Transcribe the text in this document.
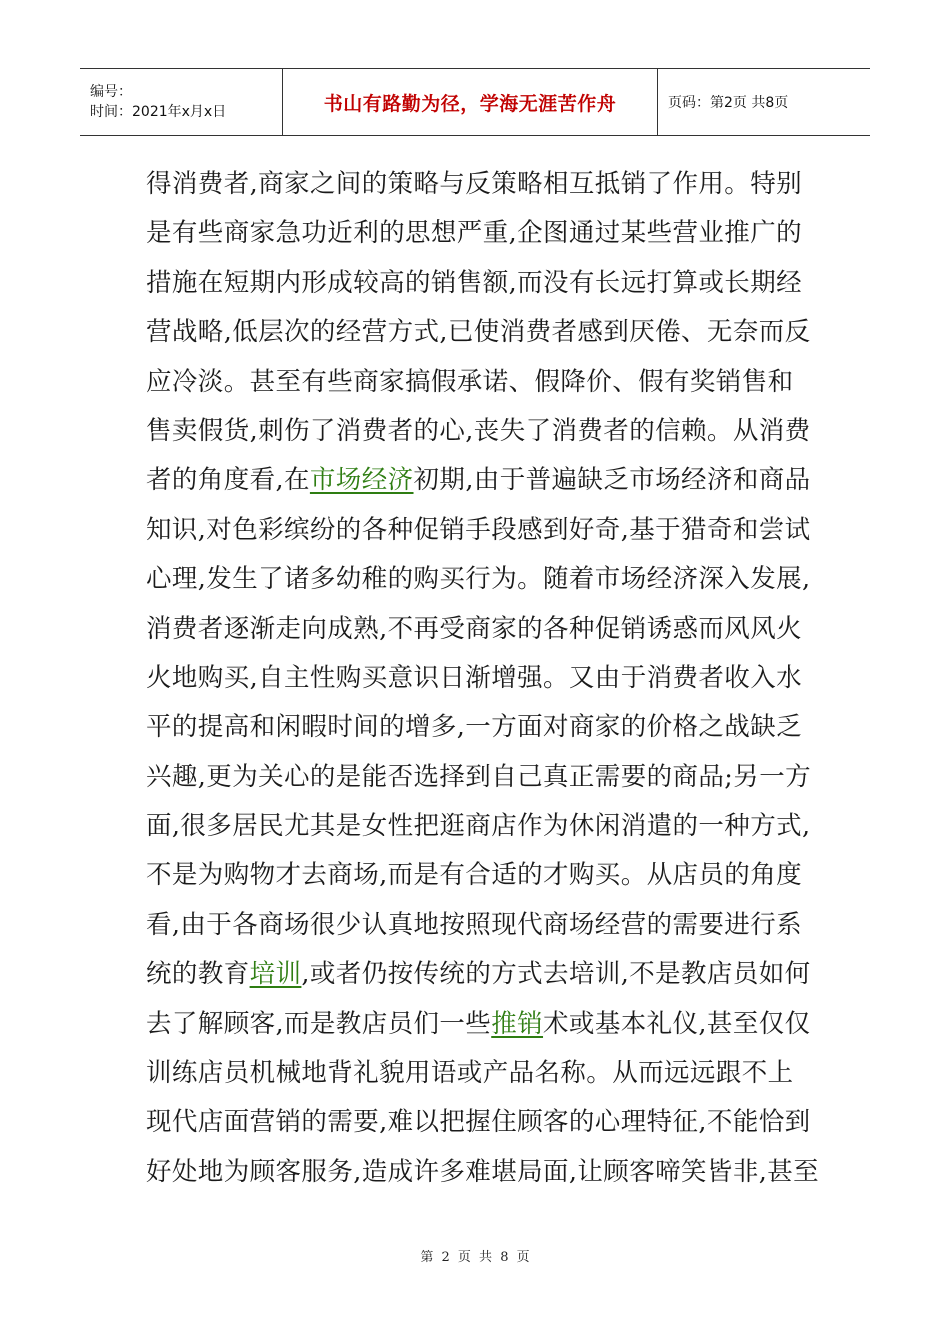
编号：
时间：2021年x月x日	书山有路勤为径，学海无涯苦作舟	页码：第2页 共8页
得消费者,商家之间的策略与反策略相互抵销了作用。特别
是有些商家急功近利的思想严重,企图通过某些营业推广的
措施在短期内形成较高的销售额,而没有长远打算或长期经
营战略,低层次的经营方式,已使消费者感到厌倦、无奈而反
应冷淡。甚至有些商家搞假承诺、假降价、假有奖销售和
售卖假货,刺伤了消费者的心,丧失了消费者的信赖。从消费
者的角度看,在市场经济初期,由于普遍缺乏市场经济和商品
知识,对色彩缤纷的各种促销手段感到好奇,基于猎奇和尝试
心理,发生了诸多幼稚的购买行为。随着市场经济深入发展,
消费者逐渐走向成熟,不再受商家的各种促销诱惑而风风火
火地购买,自主性购买意识日渐增强。又由于消费者收入水
平的提高和闲暇时间的增多,一方面对商家的价格之战缺乏
兴趣,更为关心的是能否选择到自己真正需要的商品;另一方
面,很多居民尤其是女性把逛商店作为休闲消遣的一种方式,
不是为购物才去商场,而是有合适的才购买。从店员的角度
看,由于各商场很少认真地按照现代商场经营的需要进行系
统的教育培训,或者仍按传统的方式去培训,不是教店员如何
去了解顾客,而是教店员们一些推销术或基本礼仪,甚至仅仅
训练店员机械地背礼貌用语或产品名称。从而远远跟不上
现代店面营销的需要,难以把握住顾客的心理特征,不能恰到
好处地为顾客服务,造成许多难堪局面,让顾客啼笑皆非,甚至
第 2 页 共 8 页
